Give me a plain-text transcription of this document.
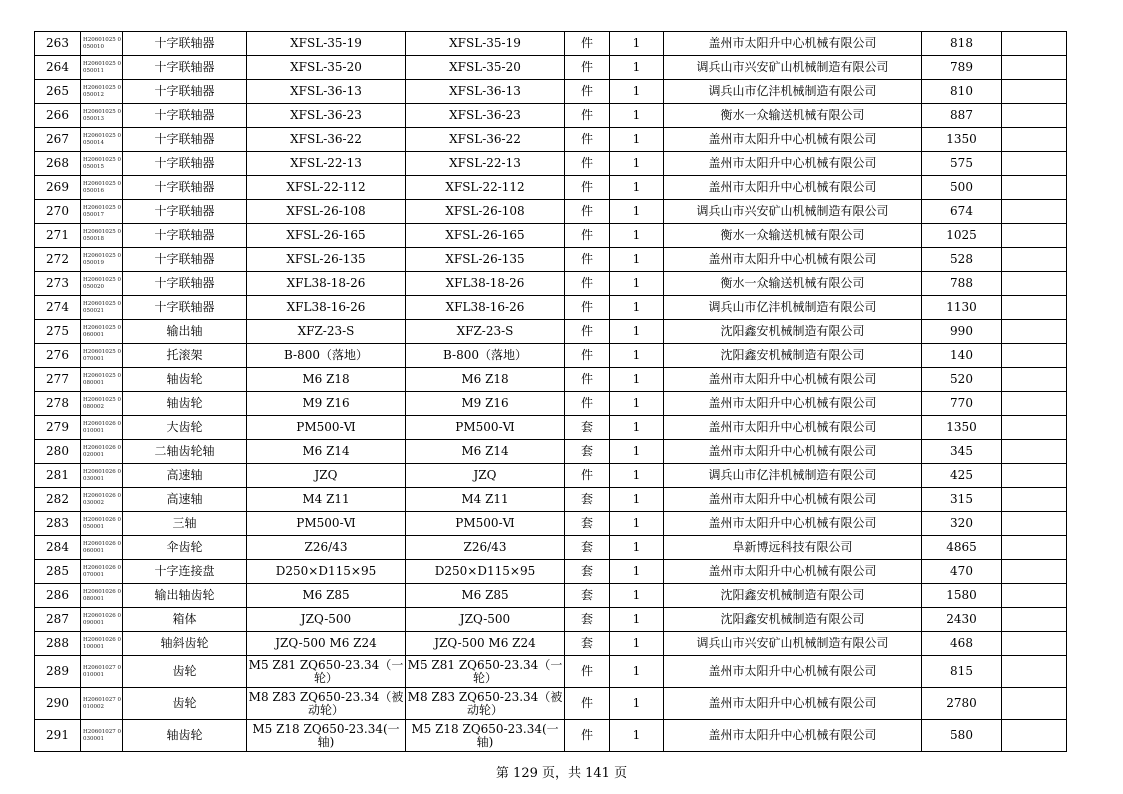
263	H20601025 0050010	十字联轴器	XFSL-35-19	XFSL-35-19	件	1	盖州市太阳升中心机械有限公司	818	
264	H20601025 0050011	十字联轴器	XFSL-35-20	XFSL-35-20	件	1	调兵山市兴安矿山机械制造有限公司	789	
265	H20601025 0050012	十字联轴器	XFSL-36-13	XFSL-36-13	件	1	调兵山市亿沣机械制造有限公司	810	
266	H20601025 0050013	十字联轴器	XFSL-36-23	XFSL-36-23	件	1	衡水一众输送机械有限公司	887	
267	H20601025 0050014	十字联轴器	XFSL-36-22	XFSL-36-22	件	1	盖州市太阳升中心机械有限公司	1350	
268	H20601025 0050015	十字联轴器	XFSL-22-13	XFSL-22-13	件	1	盖州市太阳升中心机械有限公司	575	
269	H20601025 0050016	十字联轴器	XFSL-22-112	XFSL-22-112	件	1	盖州市太阳升中心机械有限公司	500	
270	H20601025 0050017	十字联轴器	XFSL-26-108	XFSL-26-108	件	1	调兵山市兴安矿山机械制造有限公司	674	
271	H20601025 0050018	十字联轴器	XFSL-26-165	XFSL-26-165	件	1	衡水一众输送机械有限公司	1025	
272	H20601025 0050019	十字联轴器	XFSL-26-135	XFSL-26-135	件	1	盖州市太阳升中心机械有限公司	528	
273	H20601025 0050020	十字联轴器	XFL38-18-26	XFL38-18-26	件	1	衡水一众输送机械有限公司	788	
274	H20601025 0050021	十字联轴器	XFL38-16-26	XFL38-16-26	件	1	调兵山市亿沣机械制造有限公司	1130	
275	H20601025 0060001	输出轴	XFZ-23-S	XFZ-23-S	件	1	沈阳鑫安机械制造有限公司	990	
276	H20601025 0070001	托滚架	B-800（落地）	B-800（落地）	件	1	沈阳鑫安机械制造有限公司	140	
277	H20601025 0080001	轴齿轮	M6 Z18	M6 Z18	件	1	盖州市太阳升中心机械有限公司	520	
278	H20601025 0080002	轴齿轮	M9 Z16	M9 Z16	件	1	盖州市太阳升中心机械有限公司	770	
279	H20601026 0010001	大齿轮	PM500-Ⅵ	PM500-Ⅵ	套	1	盖州市太阳升中心机械有限公司	1350	
280	H20601026 0020001	二轴齿轮轴	M6 Z14	M6 Z14	套	1	盖州市太阳升中心机械有限公司	345	
281	H20601026 0030001	高速轴	JZQ	JZQ	件	1	调兵山市亿沣机械制造有限公司	425	
282	H20601026 0030002	高速轴	M4 Z11	M4 Z11	套	1	盖州市太阳升中心机械有限公司	315	
283	H20601026 0050001	三轴	PM500-Ⅵ	PM500-Ⅵ	套	1	盖州市太阳升中心机械有限公司	320	
284	H20601026 0060001	伞齿轮	Z26/43	Z26/43	套	1	阜新博远科技有限公司	4865	
285	H20601026 0070001	十字连接盘	D250×D115×95	D250×D115×95	套	1	盖州市太阳升中心机械有限公司	470	
286	H20601026 0080001	输出轴齿轮	M6 Z85	M6 Z85	套	1	沈阳鑫安机械制造有限公司	1580	
287	H20601026 0090001	箱体	JZQ-500	JZQ-500	套	1	沈阳鑫安机械制造有限公司	2430	
288	H20601026 0100001	轴斜齿轮	JZQ-500 M6 Z24	JZQ-500 M6 Z24	套	1	调兵山市兴安矿山机械制造有限公司	468	
289	H20601027 0010001	齿轮	M5 Z81 ZQ650-23.34（一轮）	M5 Z81 ZQ650-23.34（一轮）	件	1	盖州市太阳升中心机械有限公司	815	
290	H20601027 0010002	齿轮	M8 Z83 ZQ650-23.34（被动轮）	M8 Z83 ZQ650-23.34（被动轮）	件	1	盖州市太阳升中心机械有限公司	2780	
291	H20601027 0030001	轴齿轮	M5 Z18 ZQ650-23.34(一轴)	M5 Z18 ZQ650-23.34(一轴)	件	1	盖州市太阳升中心机械有限公司	580	
第 129 页，共 141 页
